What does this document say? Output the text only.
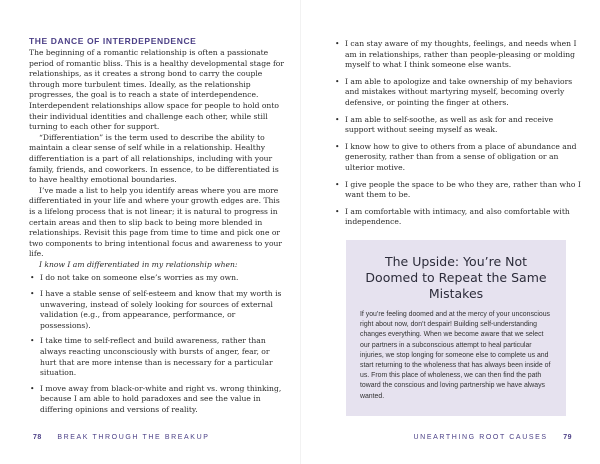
THE DANCE OF INTERDEPENDENCE

The beginning of a romantic relationship is often a passionate period of romantic bliss. This is a healthy developmental stage for relationships, as it creates a strong bond to carry the couple through more turbulent times. Ideally, as the relationship progresses, the goal is to reach a state of interdependence. Interdependent relationships allow space for people to hold onto their individual identities and challenge each other, while still turning to each other for support.

“Differentiation” is the term used to describe the ability to maintain a clear sense of self while in a relationship. Healthy differentiation is a part of all relationships, including with your family, friends, and coworkers. In essence, to be differentiated is to have healthy emotional boundaries.

I’ve made a list to help you identify areas where you are more differentiated in your life and where your growth edges are. This is a lifelong process that is not linear; it is natural to progress in certain areas and then to slip back to being more blended in relationships. Revisit this page from time to time and pick one or two components to bring intentional focus and awareness to your life.

I know I am differentiated in my relationship when:

• I do not take on someone else’s worries as my own.
• I have a stable sense of self-esteem and know that my worth is unwavering, instead of solely looking for sources of external validation (e.g., from appearance, performance, or possessions).
• I take time to self-reflect and build awareness, rather than always reacting unconsciously with bursts of anger, fear, or hurt that are more intense than is necessary for a particular situation.
• I move away from black-or-white and right vs. wrong thinking, because I am able to hold paradoxes and see the value in differing opinions and versions of reality.
• I can stay aware of my thoughts, feelings, and needs when I am in relationships, rather than people-pleasing or molding myself to what I think someone else wants.
• I am able to apologize and take ownership of my behaviors and mistakes without martyring myself, becoming overly defensive, or pointing the finger at others.
• I am able to self-soothe, as well as ask for and receive support without seeing myself as weak.
• I know how to give to others from a place of abundance and generosity, rather than from a sense of obligation or an ulterior motive.
• I give people the space to be who they are, rather than who I want them to be.
• I am comfortable with intimacy, and also comfortable with independence.
The Upside: You’re Not Doomed to Repeat the Same Mistakes
If you’re feeling doomed and at the mercy of your unconscious right about now, don’t despair! Building self-understanding changes everything. When we become aware that we select our partners in a subconscious attempt to heal particular injuries, we stop longing for someone else to complete us and start returning to the wholeness that has always been inside of us. From this place of wholeness, we can then find the path toward the conscious and loving partnership we have always wanted.
78 BREAK THROUGH THE BREAKUP	UNEARTHING ROOT CAUSES 79
